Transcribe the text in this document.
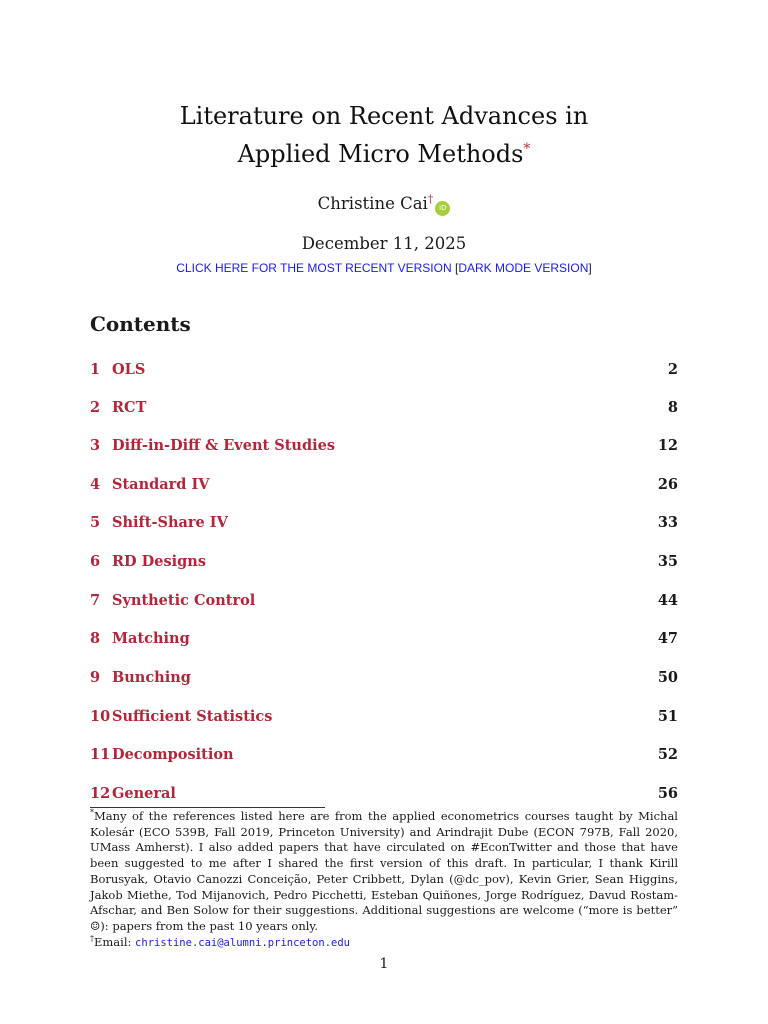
Literature on Recent Advances in
Applied Micro Methods*
Christine Cai†iD
December 11, 2025
CLICK HERE FOR THE MOST RECENT VERSION [DARK MODE VERSION]
Contents
1 OLS	2
2 RCT	8
3 Diff-in-Diff & Event Studies	12
4 Standard IV	26
5 Shift-Share IV	33
6 RD Designs	35
7 Synthetic Control	44
8 Matching	47
9 Bunching	50
10 Sufficient Statistics	51
11 Decomposition	52
12 General	56

*Many of the references listed here are from the applied econometrics courses taught by Michal Kolesár (ECO 539B, Fall 2019, Princeton University) and Arindrajit Dube (ECON 797B, Fall 2020, UMass Amherst). I also added papers that have circulated on #EconTwitter and those that have been suggested to me after I shared the first version of this draft. In particular, I thank Kirill Borusyak, Otavio Canozzi Conceição, Peter Cribbett, Dylan (@dc_pov), Kevin Grier, Sean Higgins, Jakob Miethe, Tod Mijanovich, Pedro Picchetti, Esteban Quiñones, Jorge Rodríguez, Davud Rostam-Afschar, and Ben Solow for their suggestions. Additional suggestions are welcome (“more is better” ☺): papers from the past 10 years only.

†Email: christine.cai@alumni.princeton.edu

1
